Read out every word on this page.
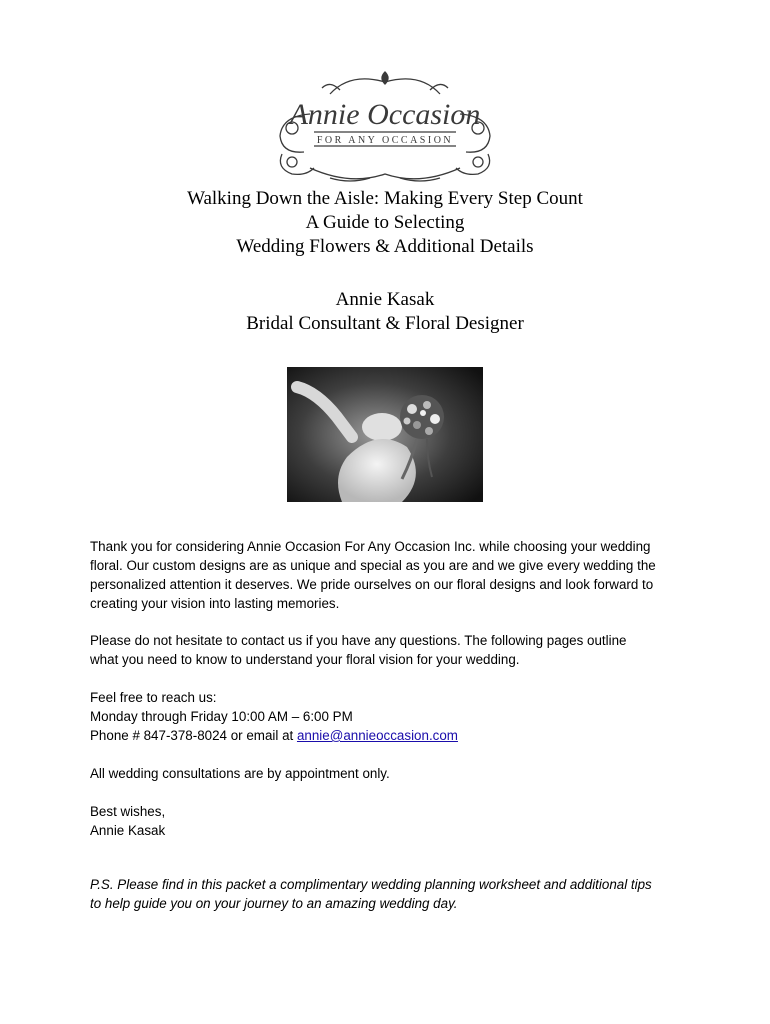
Annie Occasion
FOR ANY OCCASION
Walking Down the Aisle: Making Every Step Count
A Guide to Selecting
Wedding Flowers & Additional Details
Annie Kasak
Bridal Consultant & Floral Designer
Thank you for considering Annie Occasion For Any Occasion Inc. while choosing your wedding
floral. Our custom designs are as unique and special as you are and we give every wedding the
personalized attention it deserves. We pride ourselves on our floral designs and look forward to
creating your vision into lasting memories.
Please do not hesitate to contact us if you have any questions. The following pages outline
what you need to know to understand your floral vision for your wedding.
Feel free to reach us:
Monday through Friday 10:00 AM – 6:00 PM
Phone # 847-378-8024 or email at annie@annieoccasion.com
All wedding consultations are by appointment only.
Best wishes,
Annie Kasak
P.S. Please find in this packet a complimentary wedding planning worksheet and additional tips
to help guide you on your journey to an amazing wedding day.
